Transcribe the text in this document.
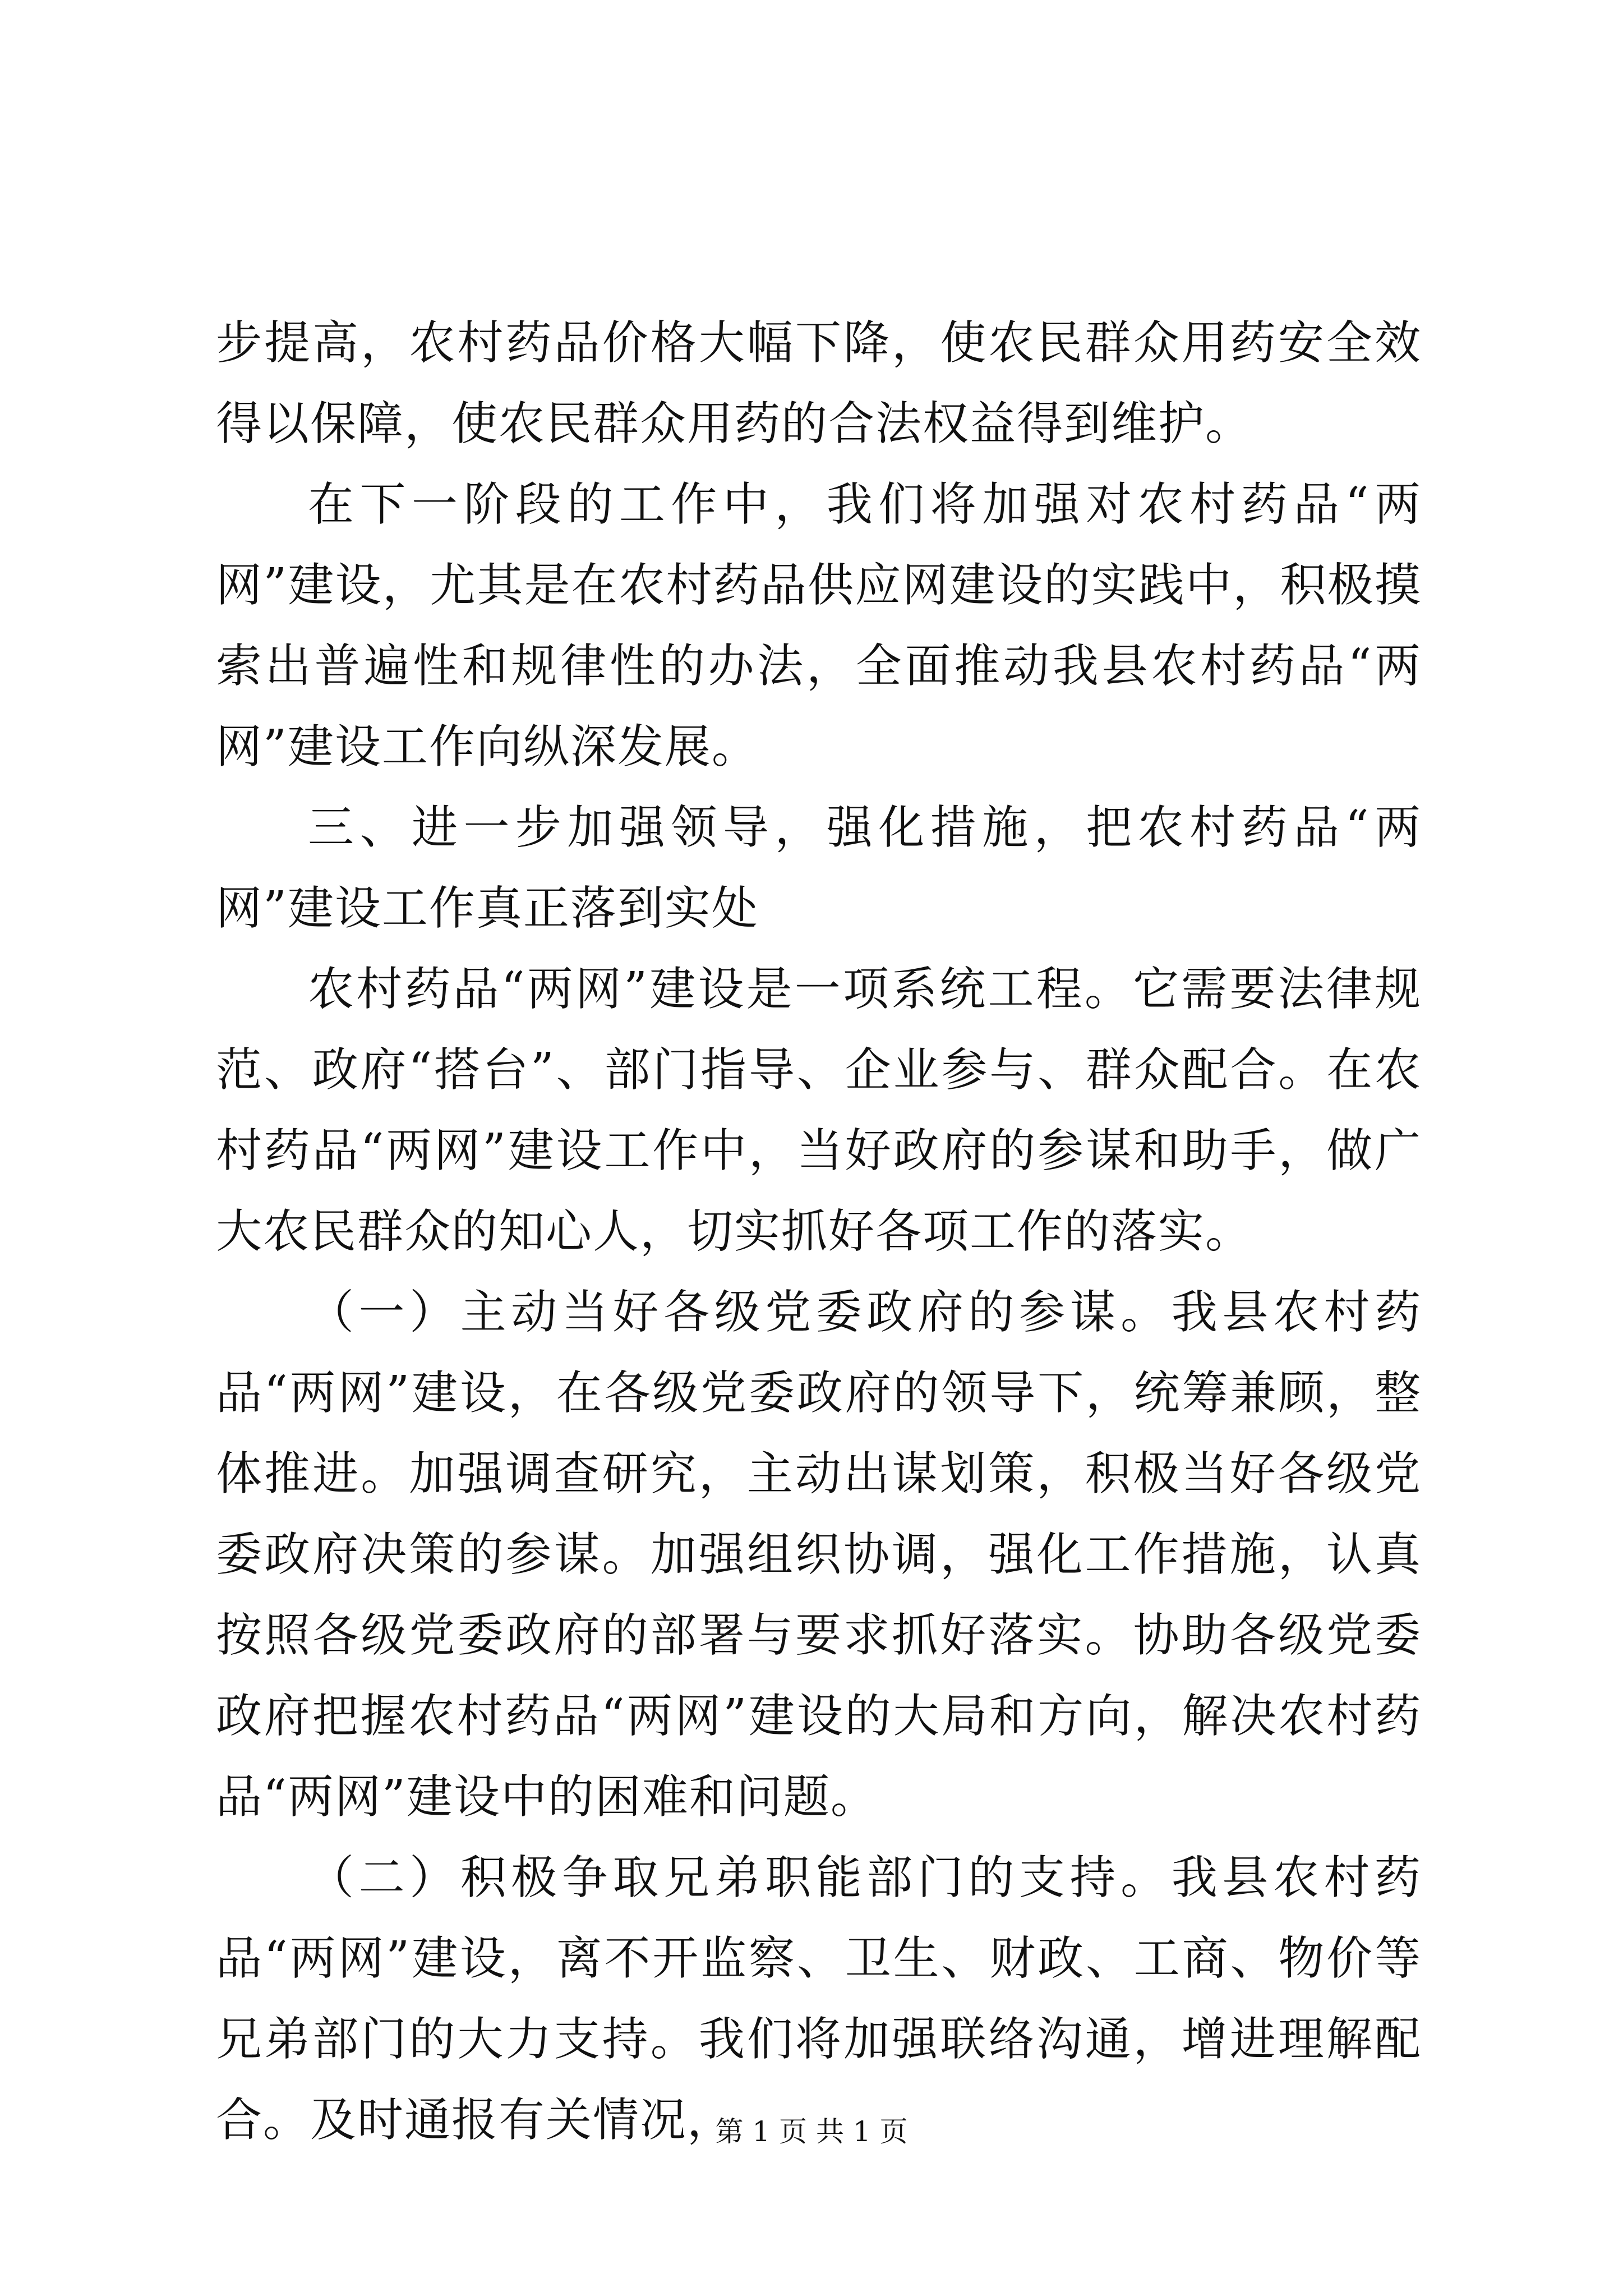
步提高，农村药品价格大幅下降，使农民群众用药安全效得以保障，使农民群众用药的合法权益得到维护。

在下一阶段的工作中，我们将加强对农村药品“两网”建设，尤其是在农村药品供应网建设的实践中，积极摸索出普遍性和规律性的办法，全面推动我县农村药品“两网”建设工作向纵深发展。

三、进一步加强领导，强化措施，把农村药品“两网”建设工作真正落到实处

农村药品“两网”建设是一项系统工程。它需要法律规范、政府“搭台”、部门指导、企业参与、群众配合。在农村药品“两网”建设工作中，当好政府的参谋和助手，做广大农民群众的知心人，切实抓好各项工作的落实。

（一）主动当好各级党委政府的参谋。我县农村药品“两网”建设，在各级党委政府的领导下，统筹兼顾，整体推进。加强调查研究，主动出谋划策，积极当好各级党委政府决策的参谋。加强组织协调，强化工作措施，认真按照各级党委政府的部署与要求抓好落实。协助各级党委政府把握农村药品“两网”建设的大局和方向，解决农村药品“两网”建设中的困难和问题。

（二）积极争取兄弟职能部门的支持。我县农村药品“两网”建设，离不开监察、卫生、财政、工商、物价等兄弟部门的大力支持。我们将加强联络沟通，增进理解配合。及时通报有关情况，

第 1 页 共 1 页
